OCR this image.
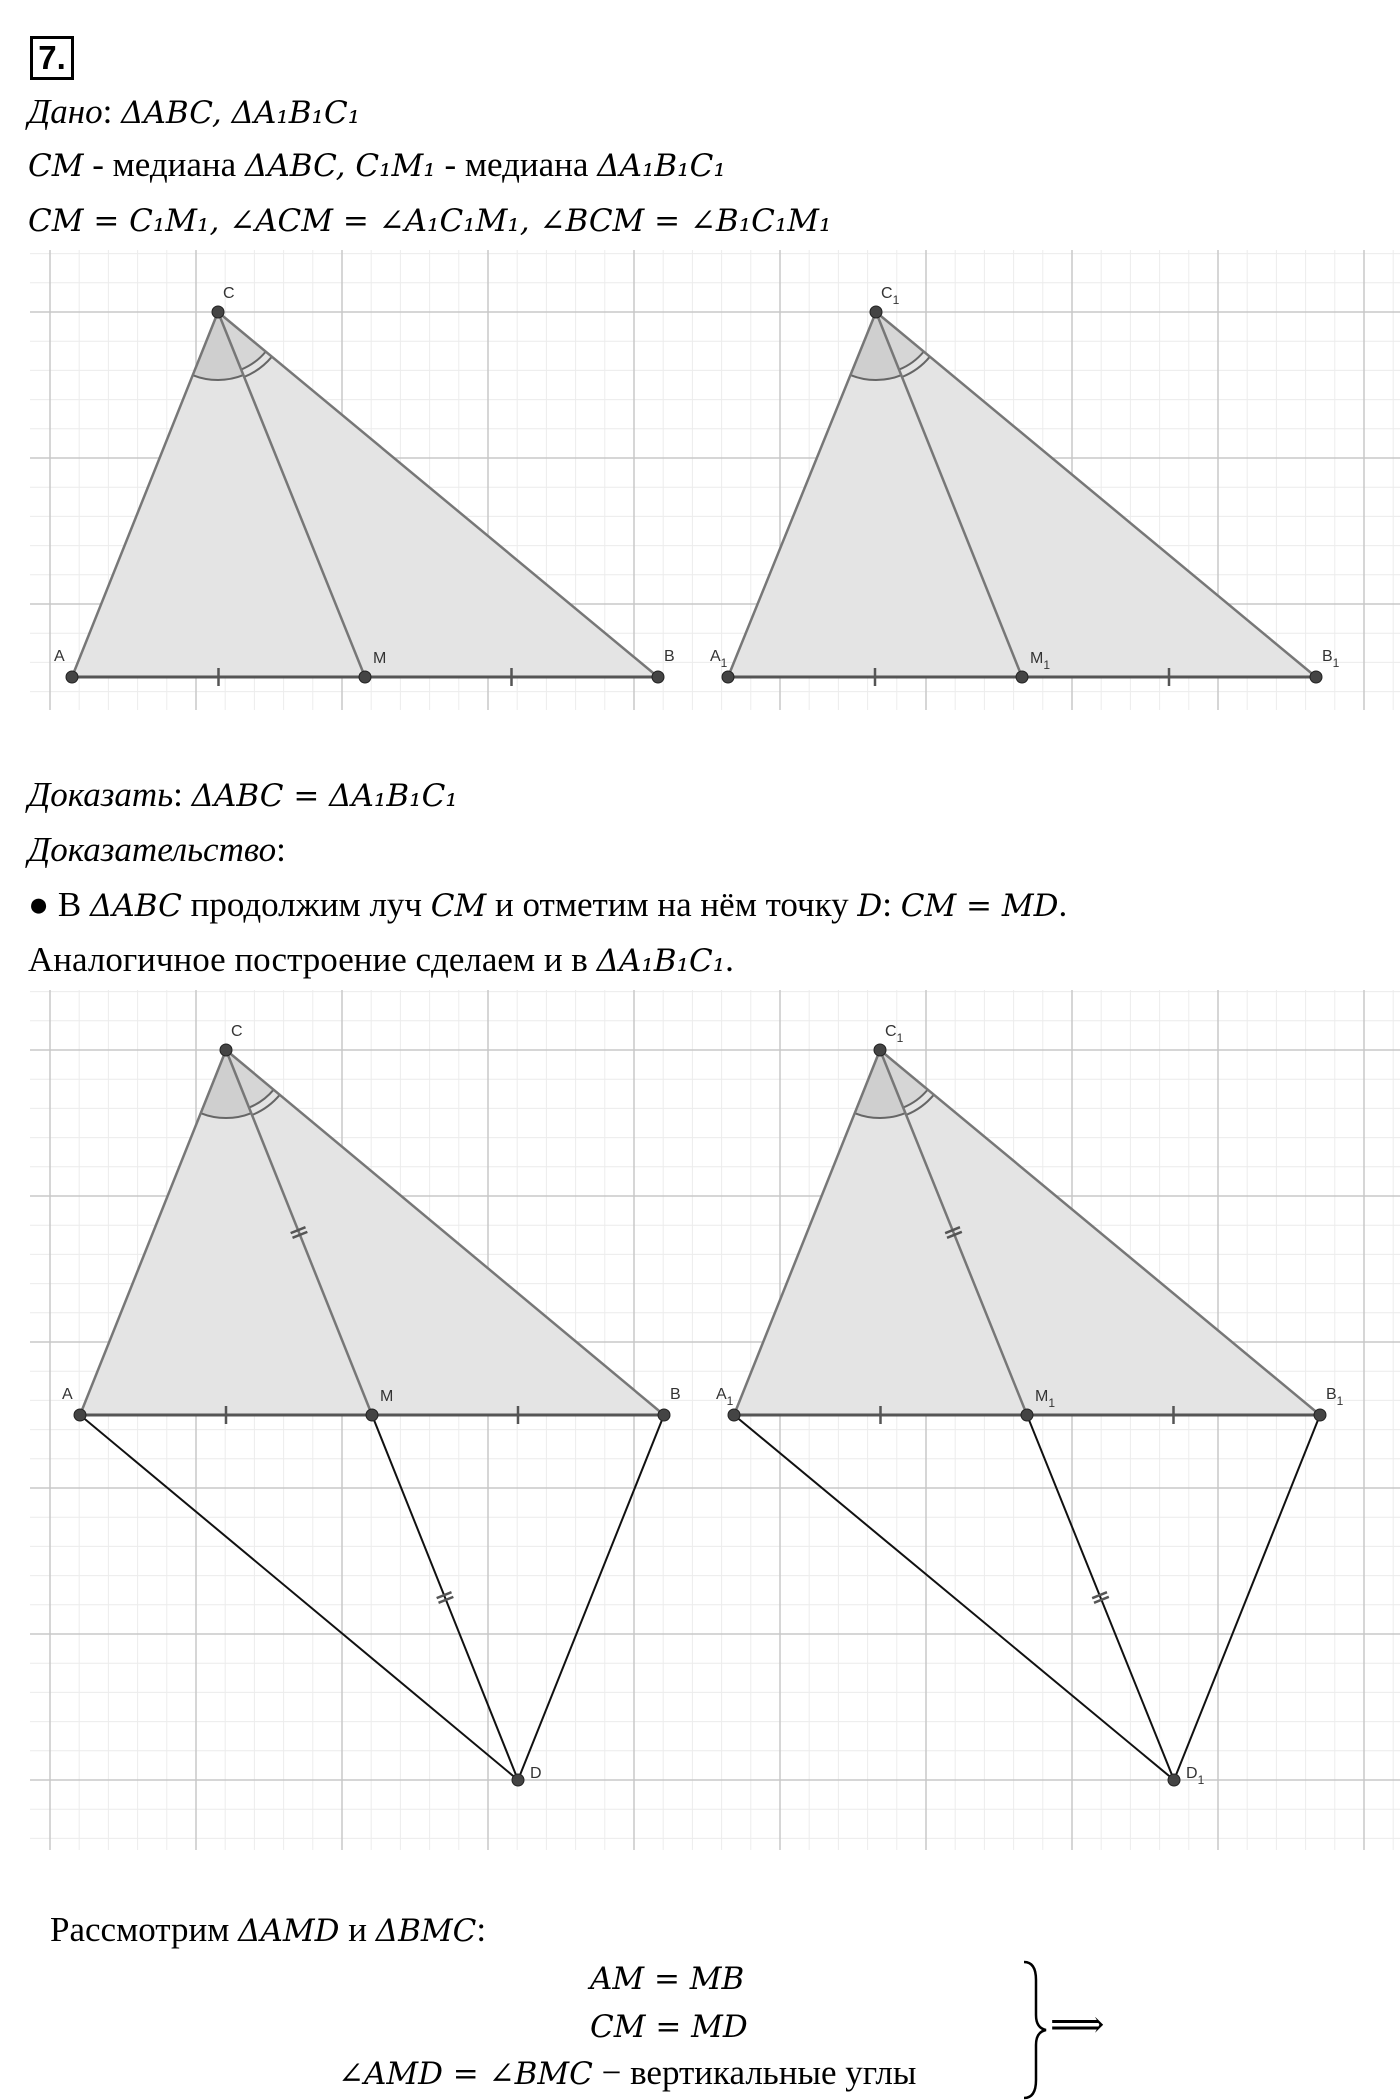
7.
Дано: ΔABC, ΔA₁B₁C₁
CM - медиана ΔABC, C₁M₁ - медиана ΔA₁B₁C₁
CM = C₁M₁, ∠ACM = ∠A₁C₁M₁, ∠BCM = ∠B₁C₁M₁
A	B
C
M	$A_1$	$B_1$
$C_1$
$M_1$
Доказать: ΔABC = ΔA₁B₁C₁
Доказательство:
● В ΔABC продолжим луч CM и отметим на нём точку D: CM = MD.
Аналогичное построение сделаем и в ΔA₁B₁C₁.
A	B
C
M
D
$A_1$	$B_1$
$C_1$
$M_1$
$D_1$
Рассмотрим ΔAMD и ΔBMC:
AM = MB
CM = MD
∠AMD = ∠BMC − вертикальные углы
⟹
